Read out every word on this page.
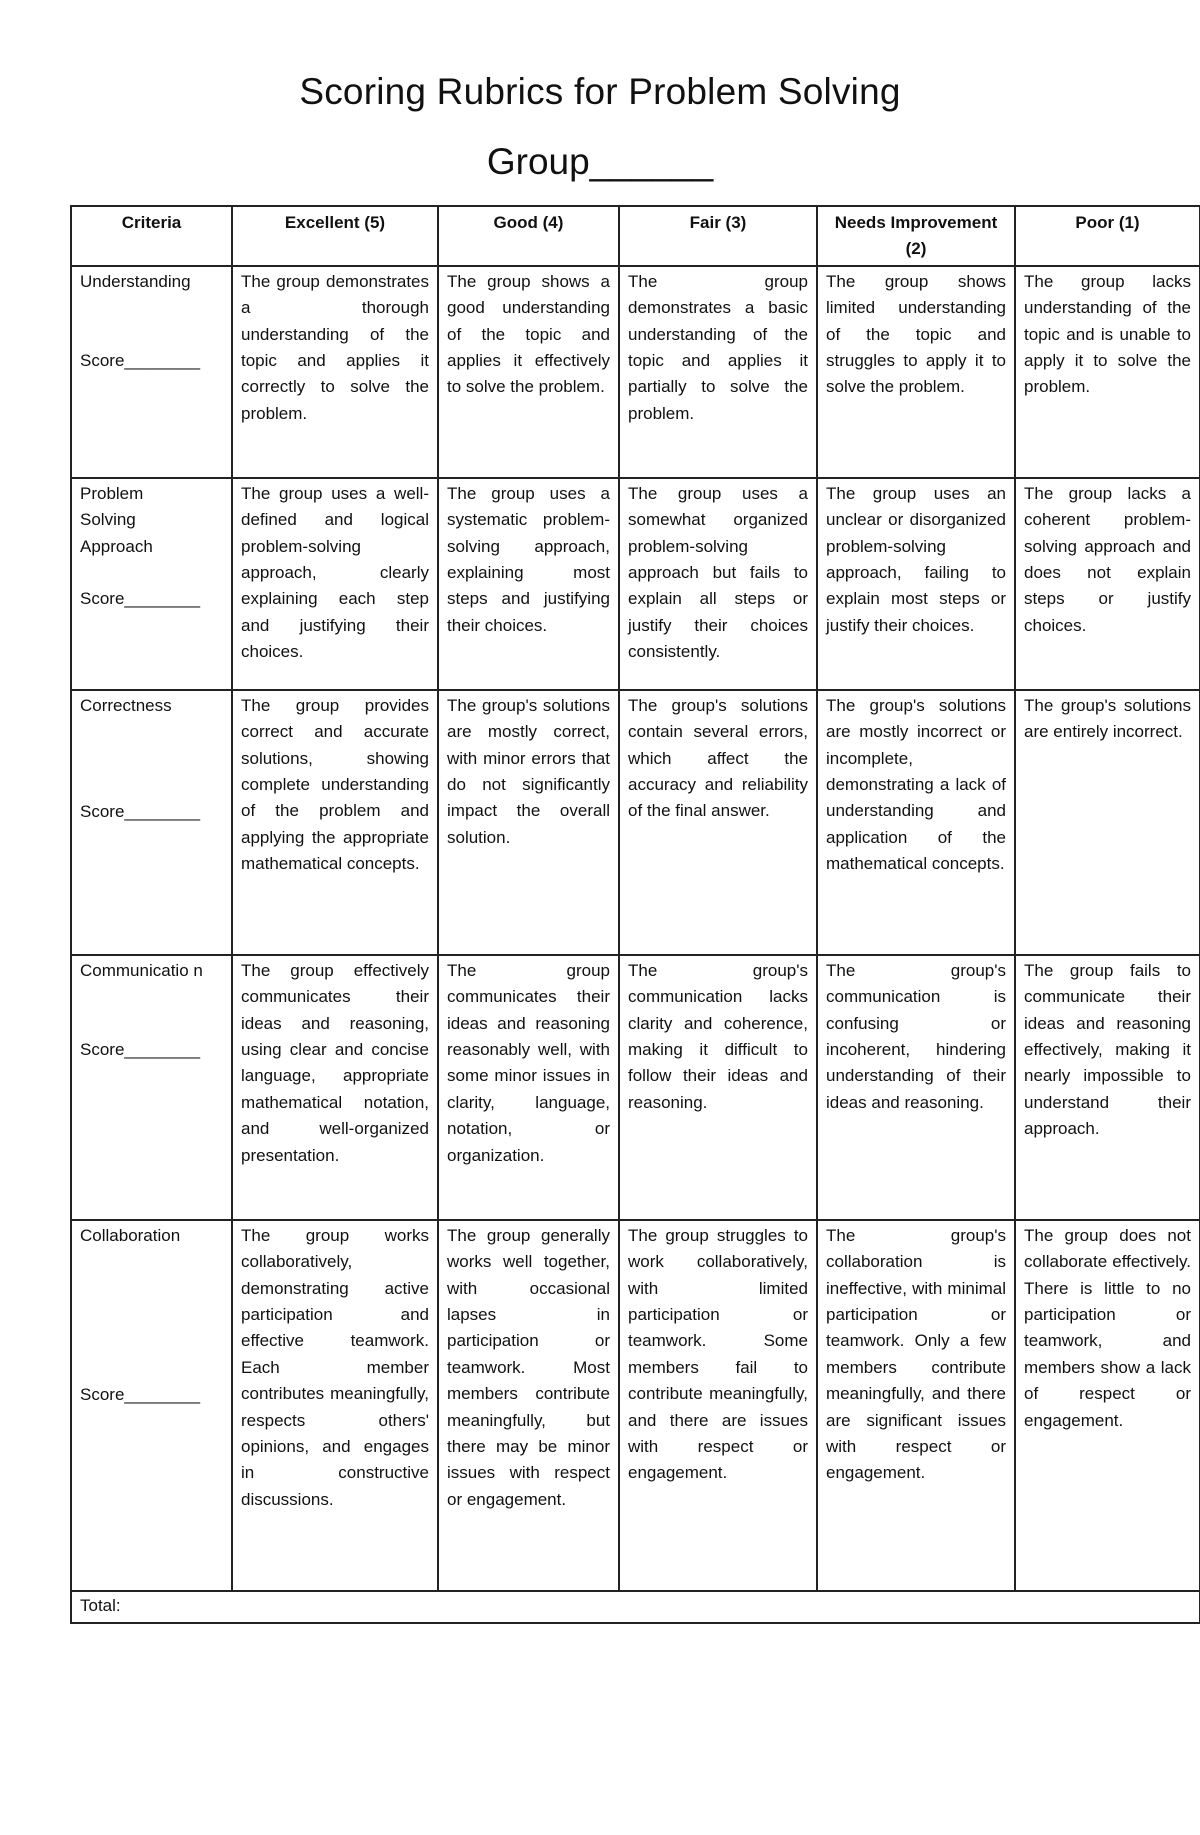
Scoring Rubrics for Problem Solving
Group______
Criteria	Excellent (5)	Good (4)	Fair (3)	Needs Improvement (2)	Poor (1)

Understanding
Score________	The group demonstrates a thorough understanding of the topic and applies it correctly to solve the problem.	The group shows a good understanding of the topic and applies it effectively to solve the problem.	The group demonstrates a basic understanding of the topic and applies it partially to solve the problem.	The group shows limited understanding of the topic and struggles to apply it to solve the problem.	The group lacks understanding of the topic and is unable to apply it to solve the problem.

Problem Solving Approach
Score________	The group uses a well-defined and logical problem-solving approach, clearly explaining each step and justifying their choices.	The group uses a systematic problem-solving approach, explaining most steps and justifying their choices.	The group uses a somewhat organized problem-solving approach but fails to explain all steps or justify their choices consistently.	The group uses an unclear or disorganized problem-solving approach, failing to explain most steps or justify their choices.	The group lacks a coherent problem-solving approach and does not explain steps or justify choices.

Correctness
Score________	The group provides correct and accurate solutions, showing complete understanding of the problem and applying the appropriate mathematical concepts.	The group's solutions are mostly correct, with minor errors that do not significantly impact the overall solution.	The group's solutions contain several errors, which affect the accuracy and reliability of the final answer.	The group's solutions are mostly incorrect or incomplete, demonstrating a lack of understanding and application of the mathematical concepts.	The group's solutions are entirely incorrect.

Communicatio n
Score________	The group effectively communicates their ideas and reasoning, using clear and concise language, appropriate mathematical notation, and well-organized presentation.	The group communicates their ideas and reasoning reasonably well, with some minor issues in clarity, language, notation, or organization.	The group's communication lacks clarity and coherence, making it difficult to follow their ideas and reasoning.	The group's communication is confusing or incoherent, hindering understanding of their ideas and reasoning.	The group fails to communicate their ideas and reasoning effectively, making it nearly impossible to understand their approach.

Collaboration
Score________	The group works collaboratively, demonstrating active participation and effective teamwork. Each member contributes meaningfully, respects others' opinions, and engages in constructive discussions.	The group generally works well together, with occasional lapses in participation or teamwork. Most members contribute meaningfully, but there may be minor issues with respect or engagement.	The group struggles to work collaboratively, with limited participation or teamwork. Some members fail to contribute meaningfully, and there are issues with respect or engagement.	The group's collaboration is ineffective, with minimal participation or teamwork. Only a few members contribute meaningfully, and there are significant issues with respect or engagement.	The group does not collaborate effectively. There is little to no participation or teamwork, and members show a lack of respect or engagement.
Total:					
